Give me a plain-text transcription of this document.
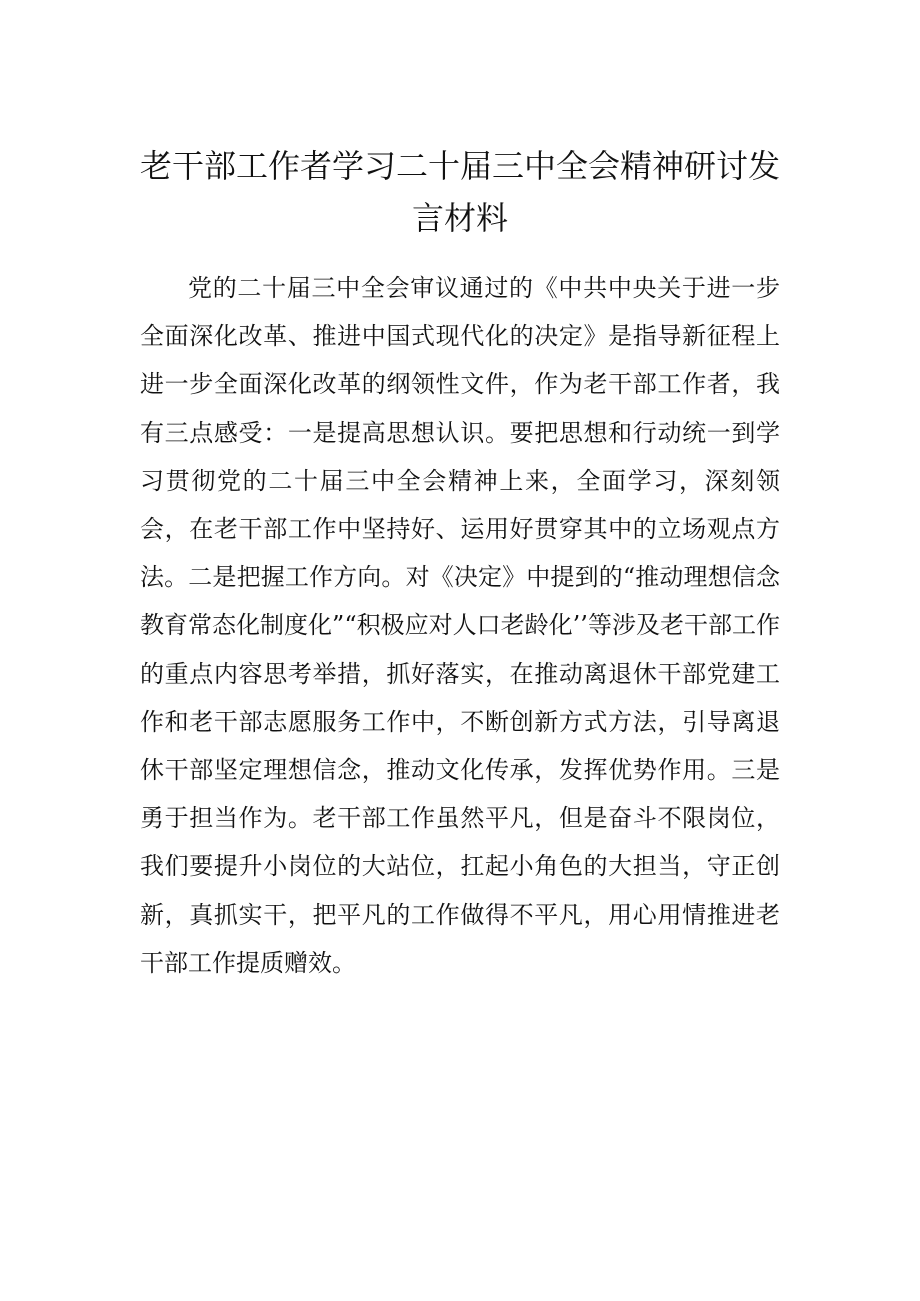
老干部工作者学习二十届三中全会精神研讨发言材料

党的二十届三中全会审议通过的《中共中央关于进一步全面深化改革、推进中国式现代化的决定》是指导新征程上进一步全面深化改革的纲领性文件，作为老干部工作者，我有三点感受：一是提高思想认识。要把思想和行动统一到学习贯彻党的二十届三中全会精神上来，全面学习，深刻领会，在老干部工作中坚持好、运用好贯穿其中的立场观点方法。二是把握工作方向。对《决定》中提到的“推动理想信念教育常态化制度化”“积极应对人口老龄化’’等涉及老干部工作的重点内容思考举措，抓好落实，在推动离退休干部党建工作和老干部志愿服务工作中，不断创新方式方法，引导离退休干部坚定理想信念，推动文化传承，发挥优势作用。三是勇于担当作为。老干部工作虽然平凡，但是奋斗不限岗位，我们要提升小岗位的大站位，扛起小角色的大担当，守正创新，真抓实干，把平凡的工作做得不平凡，用心用情推进老干部工作提质赠效。
